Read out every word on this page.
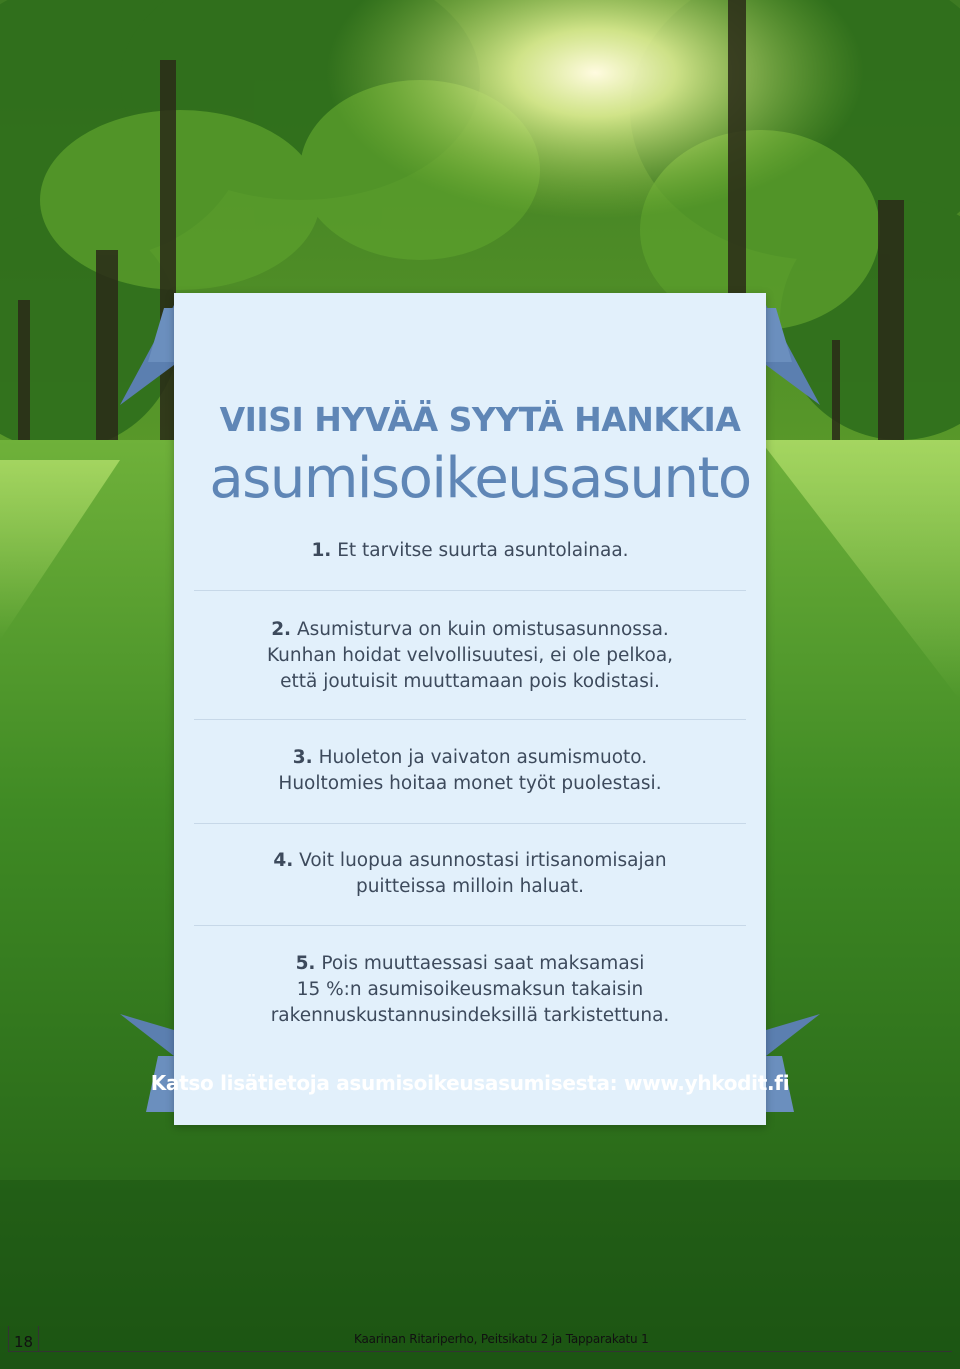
VIISI HYVÄÄ SYYTÄ HANKKIA
asumisoikeusasunto
1. Et tarvitse suurta asuntolainaa.
2. Asumisturva on kuin omistusasunnossa.
Kunhan hoidat velvollisuutesi, ei ole pelkoa,
että joutuisit muuttamaan pois kodistasi.
3. Huoleton ja vaivaton asumismuoto.
Huoltomies hoitaa monet työt puolestasi.
4. Voit luopua asunnostasi irtisanomisajan
puitteissa milloin haluat.
5. Pois muuttaessasi saat maksamasi
15 %:n asumisoikeusmaksun takaisin
rakennuskustannusindeksillä tarkistettuna.
Katso lisätietoja asumisoikeusasumisesta: www.yhkodit.fi
18	Kaarinan Ritariperho, Peitsikatu 2 ja Tapparakatu 1
